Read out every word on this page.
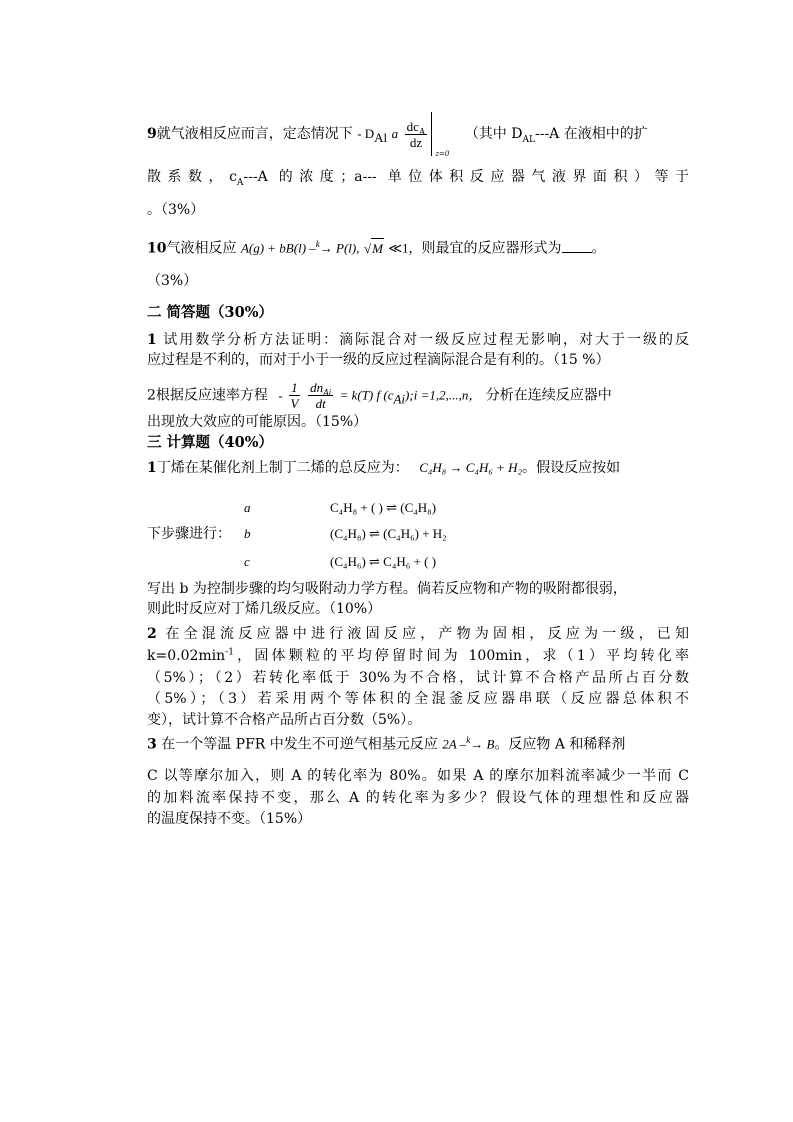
9就气液相反应而言，定态情况下 - $D_{Al}$ a $\frac{dc_A}{dz}$
z=0
（其中 $D_{AL}---A$ 在液相中的扩
散系数，$c_A---A$ 的浓度；a--- 单位体积反应器气液界面积）等于
。（3%）
10气液相反应 A(g) + bB(l) –$^k$→ P(l), √M ≪1，则最宜的反应器形式为 。
（3%）
二 简答题（30%）
1 试用数学分析方法证明：滴际混合对一级反应过程无影响，对大于一级的反
应过程是不利的，而对于小于一级的反应过程滴际混合是有利的。（15 %）
2根据反应速率方程 - $\frac{1}{V}$
$\frac{dn_{Ai}}{dt} = k(T)$ f $(c_{Ai});i =1,2,...,n$， 分析在连续反应器中
出现放大效应的可能原因。（15%）
三 计算题（40%）
1丁烯在某催化剂上制丁二烯的总反应为： C₄H₈ → C₄H₆ + H₂。假设反应按如
a	C₄H₈ + ( ) ⇌ (C₄H₈)
下步骤进行： b	(C₄H₈) ⇌ (C₄H₆) + H₂
c	(C₄H₆) ⇌ C₄H₆ + ( )
写出 b 为控制步骤的均匀吸附动力学方程。倘若反应物和产物的吸附都很弱，
则此时反应对丁烯几级反应。（10%）
2 在全混流反应器中进行液固反应，产物为固相，反应为一级，已知
$k=0.02\min^{-1}$，固体颗粒的平均停留时间为 100min，求（1）平均转化率
（5%）；（2）若转化率低于 30%为不合格，试计算不合格产品所占百分数
（5%）；（3）若采用两个等体积的全混釜反应器串联（反应器总体积不
变），试计算不合格产品所占百分数（5%）。
3 在一个等温 PFR 中发生不可逆气相基元反应 2A –$^k$→ B。反应物 A 和稀释剂
C 以等摩尔加入，则 A 的转化率为 80%。如果 A 的摩尔加料流率减少一半而 C
的加料流率保持不变，那么 A 的转化率为多少？假设气体的理想性和反应器
的温度保持不变。（15%）
